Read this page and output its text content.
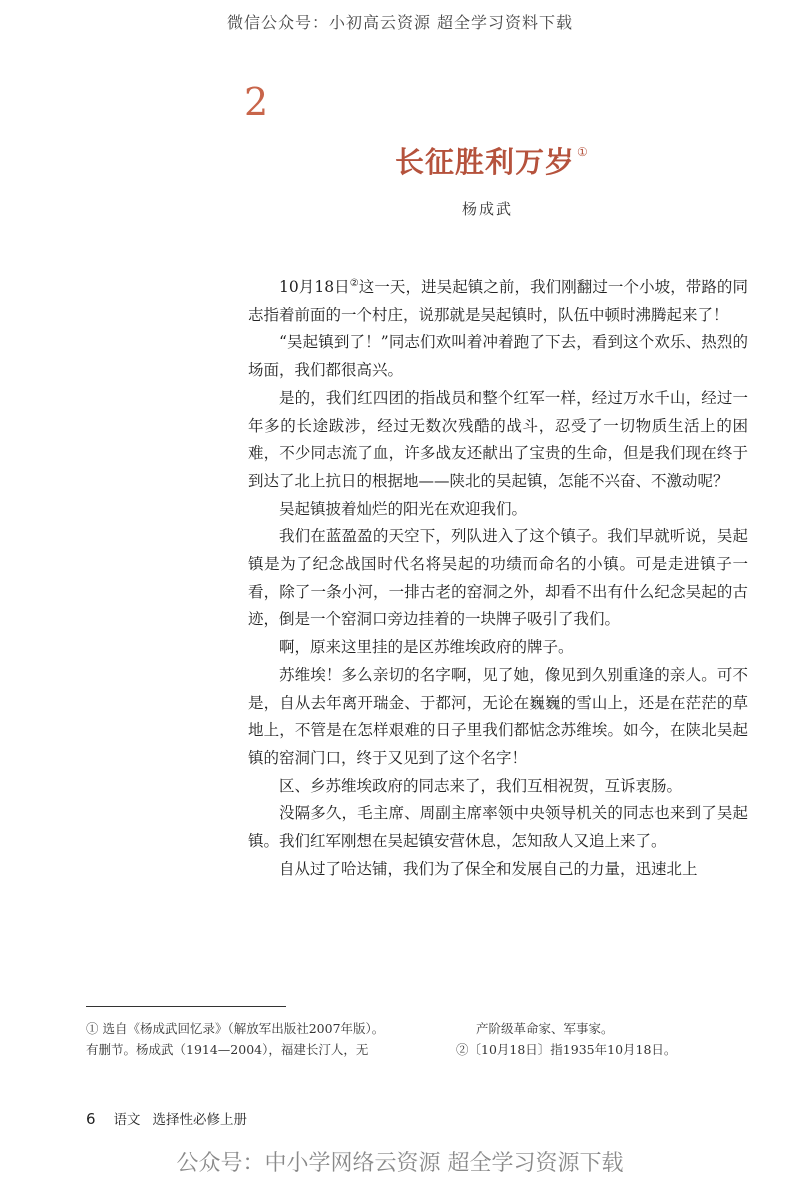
微信公众号：小初高云资源 超全学习资料下载
2
长征胜利万岁 ①
杨成武

10月18日②这一天，进吴起镇之前，我们刚翻过一个小坡，带路的同志指着前面的一个村庄，说那就是吴起镇时，队伍中顿时沸腾起来了！

“吴起镇到了！”同志们欢叫着冲着跑了下去，看到这个欢乐、热烈的场面，我们都很高兴。

是的，我们红四团的指战员和整个红军一样，经过万水千山，经过一年多的长途跋涉，经过无数次残酷的战斗，忍受了一切物质生活上的困难，不少同志流了血，许多战友还献出了宝贵的生命，但是我们现在终于到达了北上抗日的根据地——陕北的吴起镇，怎能不兴奋、不激动呢？

吴起镇披着灿烂的阳光在欢迎我们。

我们在蓝盈盈的天空下，列队进入了这个镇子。我们早就听说，吴起镇是为了纪念战国时代名将吴起的功绩而命名的小镇。可是走进镇子一看，除了一条小河，一排古老的窑洞之外，却看不出有什么纪念吴起的古迹，倒是一个窑洞口旁边挂着的一块牌子吸引了我们。

啊，原来这里挂的是区苏维埃政府的牌子。

苏维埃！多么亲切的名字啊，见了她，像见到久别重逢的亲人。可不是，自从去年离开瑞金、于都河，无论在巍巍的雪山上，还是在茫茫的草地上，不管是在怎样艰难的日子里我们都惦念苏维埃。如今，在陕北吴起镇的窑洞门口，终于又见到了这个名字！

区、乡苏维埃政府的同志来了，我们互相祝贺，互诉衷肠。

没隔多久，毛主席、周副主席率领中央领导机关的同志也来到了吴起镇。我们红军刚想在吴起镇安营休息，怎知敌人又追上来了。

自从过了哈达铺，我们为了保全和发展自己的力量，迅速北上

① 选自《杨成武回忆录》（解放军出版社2007年版）。
有删节。杨成武（1914—2004），福建长汀人，无
产阶级革命家、军事家。
②〔10月18日〕指1935年10月18日。
6 语文 选择性必修上册
公众号：中小学网络云资源 超全学习资源下载
